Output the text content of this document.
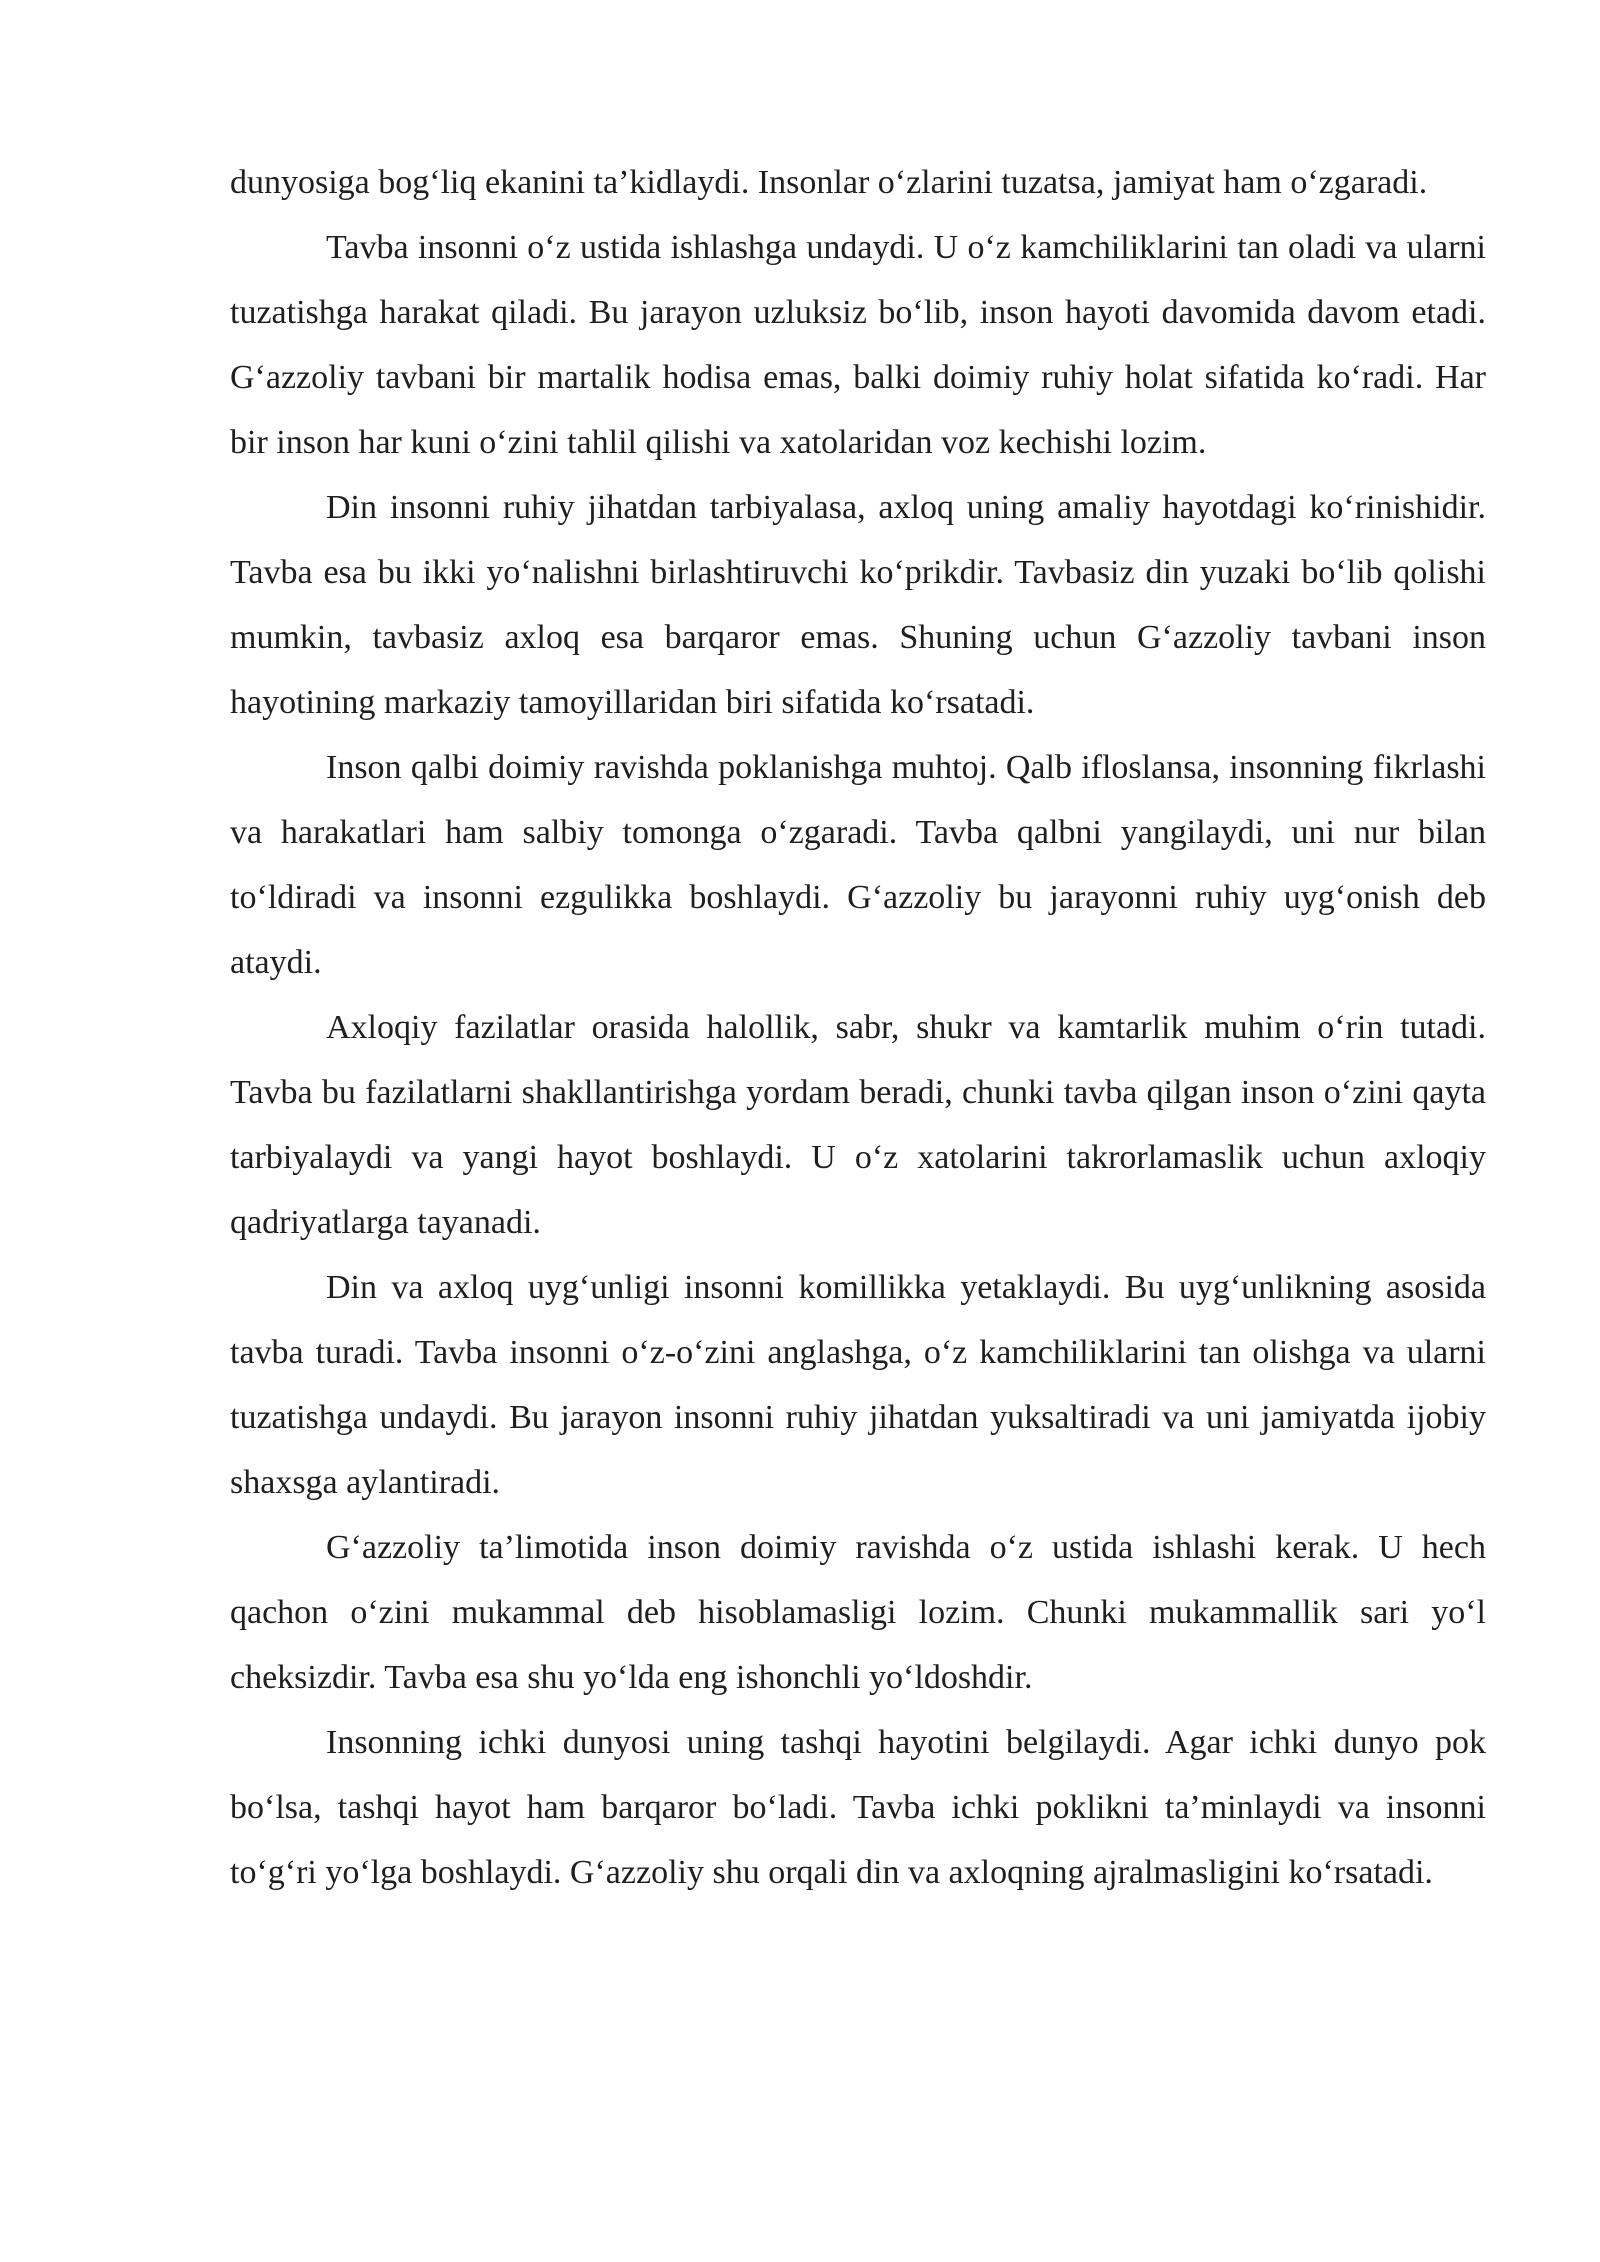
dunyosiga bog‘liq ekanini ta’kidlaydi. Insonlar o‘zlarini tuzatsa, jamiyat ham o‘zgaradi.

Tavba insonni o‘z ustida ishlashga undaydi. U o‘z kamchiliklarini tan oladi va ularni tuzatishga harakat qiladi. Bu jarayon uzluksiz bo‘lib, inson hayoti davomida davom etadi. G‘azzoliy tavbani bir martalik hodisa emas, balki doimiy ruhiy holat sifatida ko‘radi. Har bir inson har kuni o‘zini tahlil qilishi va xatolaridan voz kechishi lozim.

Din insonni ruhiy jihatdan tarbiyalasa, axloq uning amaliy hayotdagi ko‘rinishidir. Tavba esa bu ikki yo‘nalishni birlashtiruvchi ko‘prikdir. Tavbasiz din yuzaki bo‘lib qolishi mumkin, tavbasiz axloq esa barqaror emas. Shuning uchun G‘azzoliy tavbani inson hayotining markaziy tamoyillaridan biri sifatida ko‘rsatadi.

Inson qalbi doimiy ravishda poklanishga muhtoj. Qalb ifloslansa, insonning fikrlashi va harakatlari ham salbiy tomonga o‘zgaradi. Tavba qalbni yangilaydi, uni nur bilan to‘ldiradi va insonni ezgulikka boshlaydi. G‘azzoliy bu jarayonni ruhiy uyg‘onish deb ataydi.

Axloqiy fazilatlar orasida halollik, sabr, shukr va kamtarlik muhim o‘rin tutadi. Tavba bu fazilatlarni shakllantirishga yordam beradi, chunki tavba qilgan inson o‘zini qayta tarbiyalaydi va yangi hayot boshlaydi. U o‘z xatolarini takrorlamaslik uchun axloqiy qadriyatlarga tayanadi.

Din va axloq uyg‘unligi insonni komillikka yetaklaydi. Bu uyg‘unlikning asosida tavba turadi. Tavba insonni o‘z-o‘zini anglashga, o‘z kamchiliklarini tan olishga va ularni tuzatishga undaydi. Bu jarayon insonni ruhiy jihatdan yuksaltiradi va uni jamiyatda ijobiy shaxsga aylantiradi.

G‘azzoliy ta’limotida inson doimiy ravishda o‘z ustida ishlashi kerak. U hech qachon o‘zini mukammal deb hisoblamasligi lozim. Chunki mukammallik sari yo‘l cheksizdir. Tavba esa shu yo‘lda eng ishonchli yo‘ldoshdir.

Insonning ichki dunyosi uning tashqi hayotini belgilaydi. Agar ichki dunyo pok bo‘lsa, tashqi hayot ham barqaror bo‘ladi. Tavba ichki poklikni ta’minlaydi va insonni to‘g‘ri yo‘lga boshlaydi. G‘azzoliy shu orqali din va axloqning ajralmasligini ko‘rsatadi.
